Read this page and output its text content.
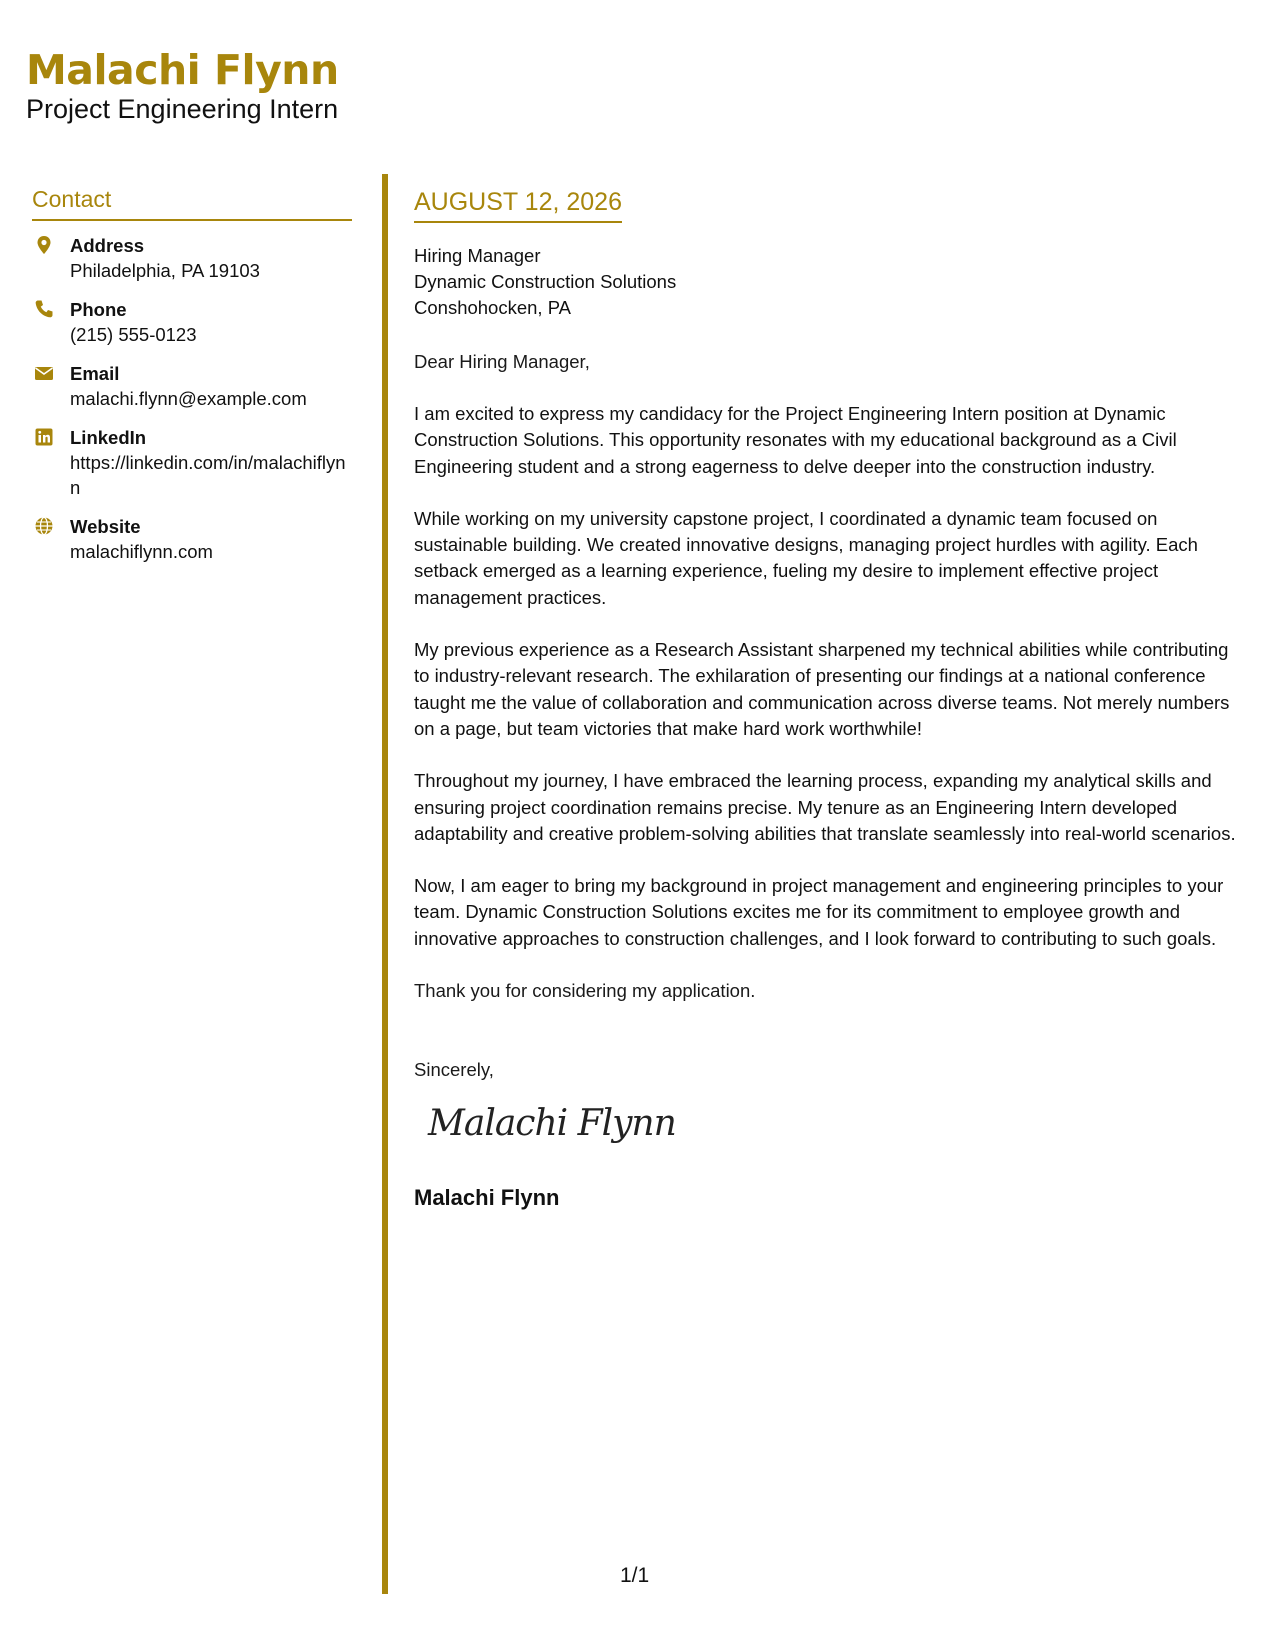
Malachi Flynn
Project Engineering Intern
Contact
Address
Philadelphia, PA 19103
Phone
(215) 555-0123
Email
malachi.flynn@example.com
LinkedIn
https://linkedin.com/in/malachiflynn
Website
malachiflynn.com
AUGUST 12, 2026
Hiring Manager
Dynamic Construction Solutions
Conshohocken, PA
Dear Hiring Manager,

I am excited to express my candidacy for the Project Engineering Intern position at Dynamic Construction Solutions. This opportunity resonates with my educational background as a Civil Engineering student and a strong eagerness to delve deeper into the construction industry.

While working on my university capstone project, I coordinated a dynamic team focused on sustainable building. We created innovative designs, managing project hurdles with agility. Each setback emerged as a learning experience, fueling my desire to implement effective project management practices.

My previous experience as a Research Assistant sharpened my technical abilities while contributing to industry-relevant research. The exhilaration of presenting our findings at a national conference taught me the value of collaboration and communication across diverse teams. Not merely numbers on a page, but team victories that make hard work worthwhile!

Throughout my journey, I have embraced the learning process, expanding my analytical skills and ensuring project coordination remains precise. My tenure as an Engineering Intern developed adaptability and creative problem-solving abilities that translate seamlessly into real-world scenarios.

Now, I am eager to bring my background in project management and engineering principles to your team. Dynamic Construction Solutions excites me for its commitment to employee growth and innovative approaches to construction challenges, and I look forward to contributing to such goals.

Thank you for considering my application.
Sincerely,
Malachi Flynn
Malachi Flynn
1/1
